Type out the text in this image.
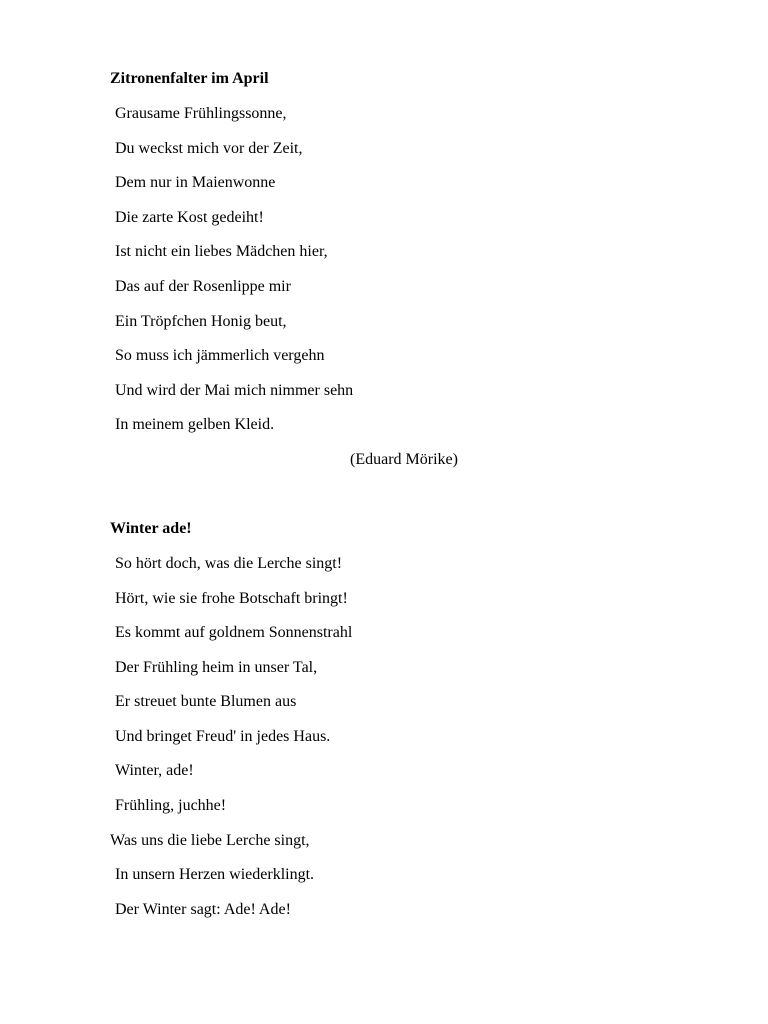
Zitronenfalter im April
Grausame Frühlingssonne,
Du weckst mich vor der Zeit,
Dem nur in Maienwonne
Die zarte Kost gedeiht!
Ist nicht ein liebes Mädchen hier,
Das auf der Rosenlippe mir
Ein Tröpfchen Honig beut,
So muss ich jämmerlich vergehn
Und wird der Mai mich nimmer sehn
In meinem gelben Kleid.
(Eduard Mörike)
Winter ade!
So hört doch, was die Lerche singt!
Hört, wie sie frohe Botschaft bringt!
Es kommt auf goldnem Sonnenstrahl
Der Frühling heim in unser Tal,
Er streuet bunte Blumen aus
Und bringet Freud' in jedes Haus.
Winter, ade!
Frühling, juchhe!
Was uns die liebe Lerche singt,
In unsern Herzen wiederklingt.
Der Winter sagt: Ade! Ade!
